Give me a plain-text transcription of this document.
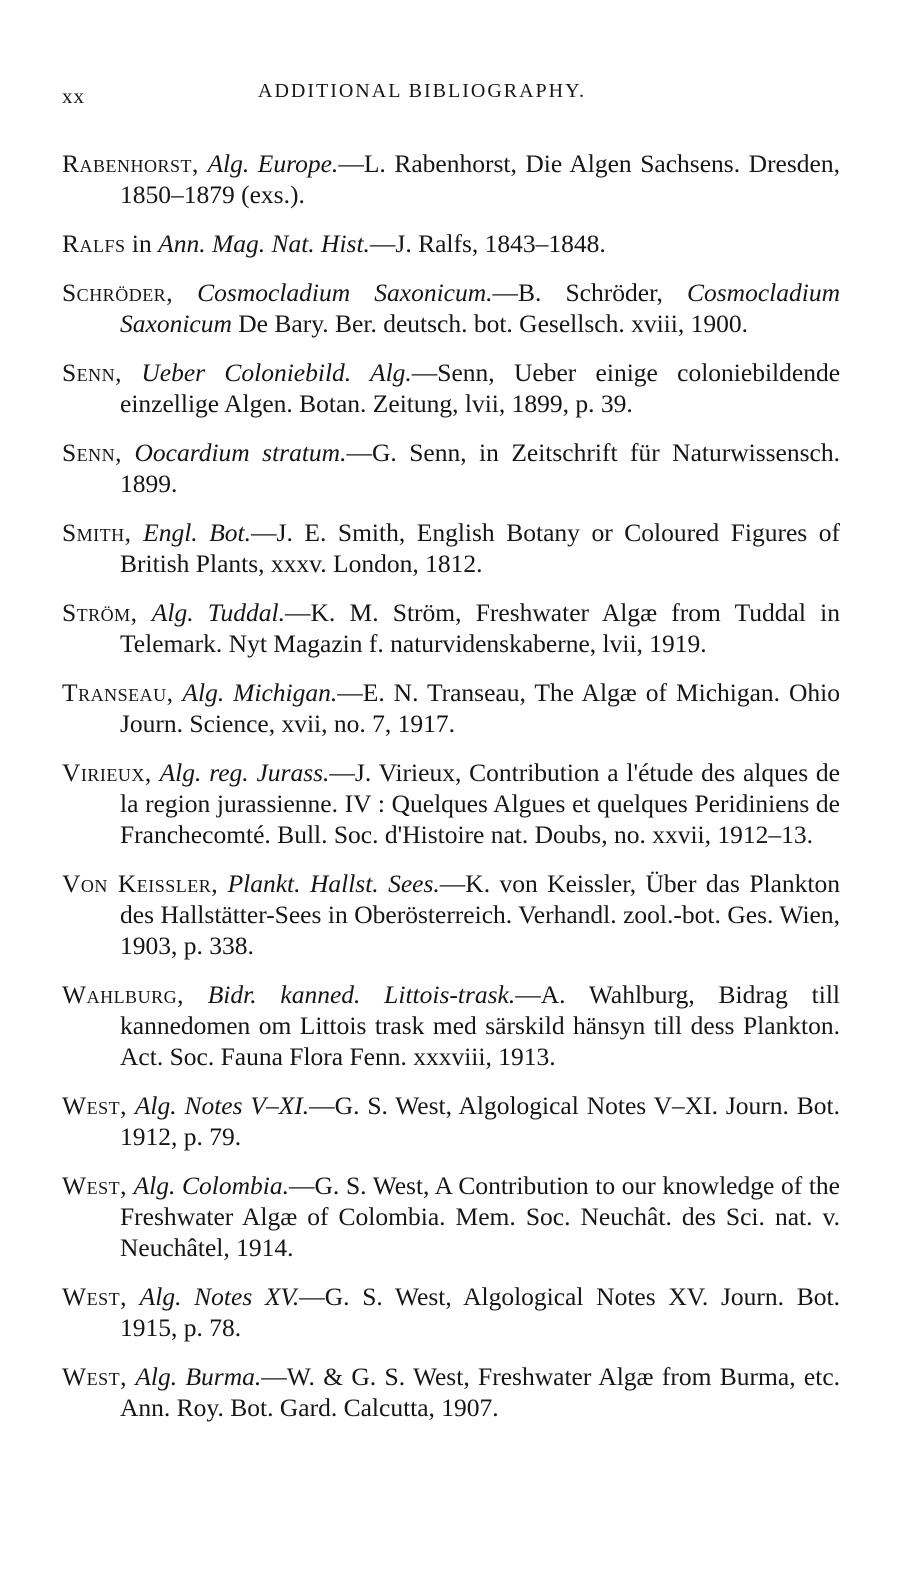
xx	ADDITIONAL BIBLIOGRAPHY.

Rabenhorst, Alg. Europe.—L. Rabenhorst, Die Algen Sachsens. Dresden, 1850–1879 (exs.).

Ralfs in Ann. Mag. Nat. Hist.—J. Ralfs, 1843–1848.

Schröder, Cosmocladium Saxonicum.—B. Schröder, Cosmocladium Saxonicum De Bary. Ber. deutsch. bot. Gesellsch. xviii, 1900.

Senn, Ueber Coloniebild. Alg.—Senn, Ueber einige coloniebildende einzellige Algen. Botan. Zeitung, lvii, 1899, p. 39.

Senn, Oocardium stratum.—G. Senn, in Zeitschrift für Naturwissensch. 1899.

Smith, Engl. Bot.—J. E. Smith, English Botany or Coloured Figures of British Plants, xxxv. London, 1812.

Ström, Alg. Tuddal.—K. M. Ström, Freshwater Algæ from Tuddal in Telemark. Nyt Magazin f. naturvidenskaberne, lvii, 1919.

Transeau, Alg. Michigan.—E. N. Transeau, The Algæ of Michigan. Ohio Journ. Science, xvii, no. 7, 1917.

Virieux, Alg. reg. Jurass.—J. Virieux, Contribution a l'étude des alques de la region jurassienne. IV : Quelques Algues et quelques Peridiniens de Franchecomté. Bull. Soc. d'Histoire nat. Doubs, no. xxvii, 1912–13.

Von Keissler, Plankt. Hallst. Sees.—K. von Keissler, Über das Plankton des Hallstätter-Sees in Oberösterreich. Verhandl. zool.-bot. Ges. Wien, 1903, p. 338.

Wahlburg, Bidr. kanned. Littois-trask.—A. Wahlburg, Bidrag till kannedomen om Littois trask med särskild hänsyn till dess Plankton. Act. Soc. Fauna Flora Fenn. xxxviii, 1913.

West, Alg. Notes V–XI.—G. S. West, Algological Notes V–XI. Journ. Bot. 1912, p. 79.

West, Alg. Colombia.—G. S. West, A Contribution to our knowledge of the Freshwater Algæ of Colombia. Mem. Soc. Neuchât. des Sci. nat. v. Neuchâtel, 1914.

West, Alg. Notes XV.—G. S. West, Algological Notes XV. Journ. Bot. 1915, p. 78.

West, Alg. Burma.—W. & G. S. West, Freshwater Algæ from Burma, etc. Ann. Roy. Bot. Gard. Calcutta, 1907.
